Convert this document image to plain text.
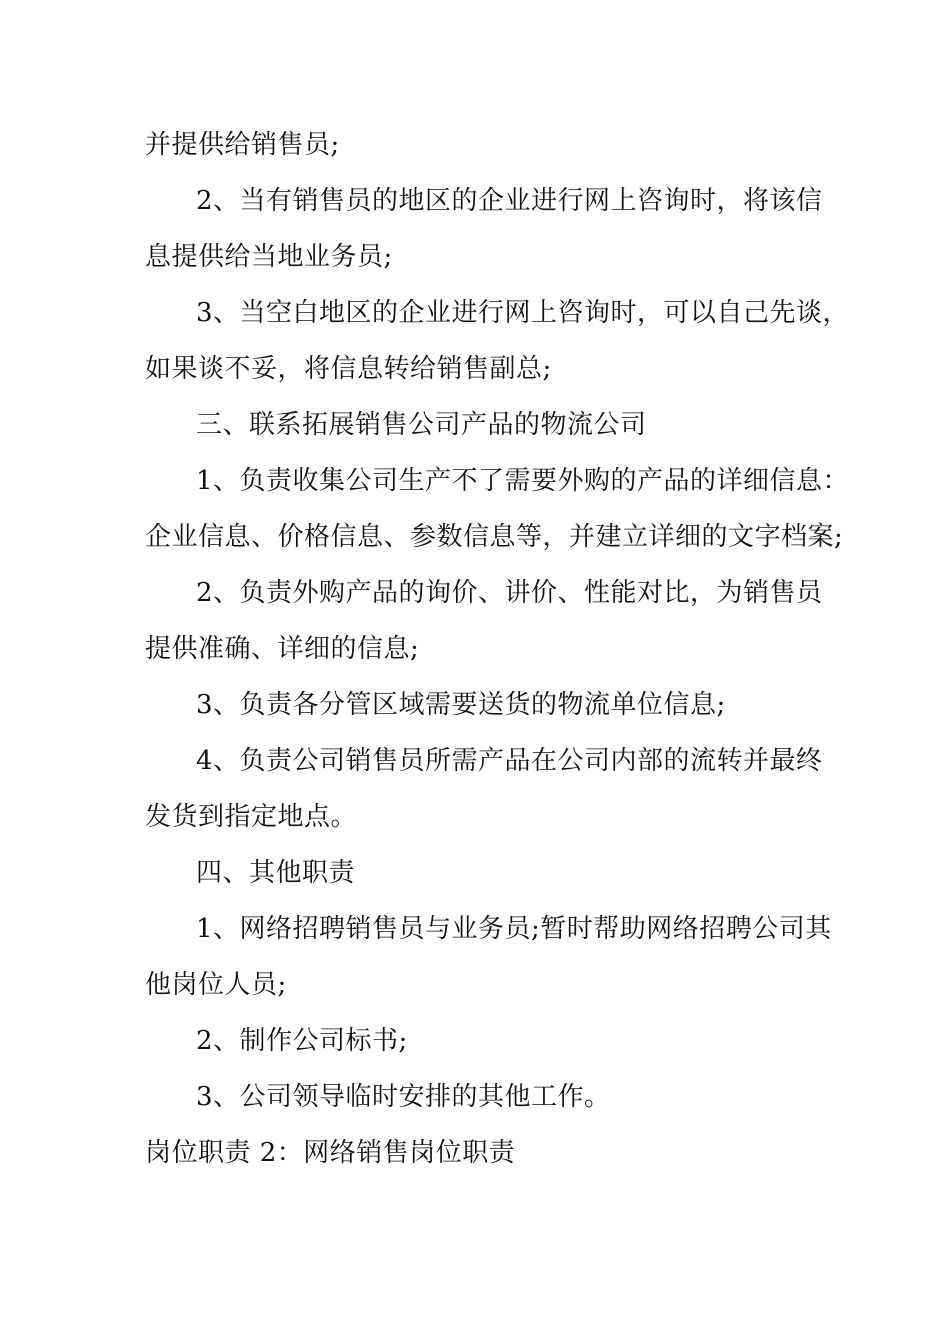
并提供给销售员;
2、当有销售员的地区的企业进行网上咨询时，将该信
息提供给当地业务员;
3、当空白地区的企业进行网上咨询时，可以自己先谈，
如果谈不妥，将信息转给销售副总;
三、联系拓展销售公司产品的物流公司
1、负责收集公司生产不了需要外购的产品的详细信息：
企业信息、价格信息、参数信息等，并建立详细的文字档案;
2、负责外购产品的询价、讲价、性能对比，为销售员
提供准确、详细的信息;
3、负责各分管区域需要送货的物流单位信息;
4、负责公司销售员所需产品在公司内部的流转并最终
发货到指定地点。
四、其他职责
1、网络招聘销售员与业务员;暂时帮助网络招聘公司其
他岗位人员;
2、制作公司标书;
3、公司领导临时安排的其他工作。
岗位职责 2：网络销售岗位职责
